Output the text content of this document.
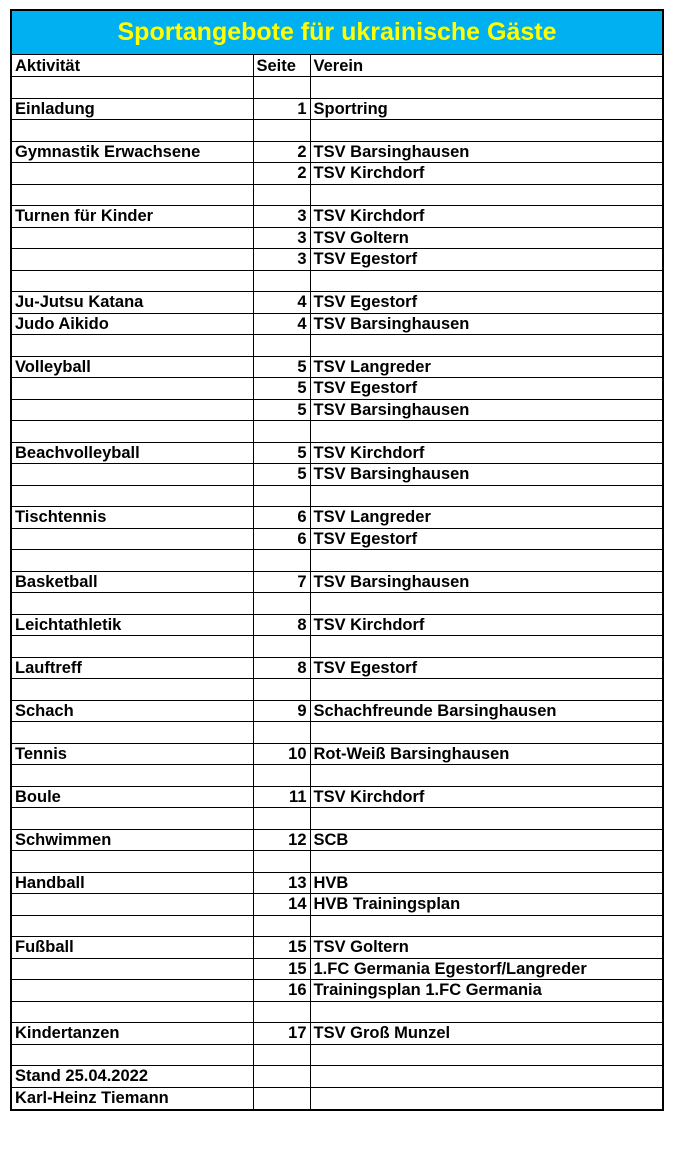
Sportangebote für ukrainische Gäste
Aktivität	Seite	Verein

Einladung	1	Sportring

Gymnastik Erwachsene	2	TSV Barsinghausen
	2	TSV Kirchdorf

Turnen für Kinder	3	TSV Kirchdorf
	3	TSV Goltern
	3	TSV Egestorf

Ju-Jutsu Katana	4	TSV Egestorf
Judo Aikido	4	TSV Barsinghausen

Volleyball	5	TSV Langreder
	5	TSV Egestorf
	5	TSV Barsinghausen

Beachvolleyball	5	TSV Kirchdorf
	5	TSV Barsinghausen

Tischtennis	6	TSV Langreder
	6	TSV Egestorf

Basketball	7	TSV Barsinghausen

Leichtathletik	8	TSV Kirchdorf

Lauftreff	8	TSV Egestorf

Schach	9	Schachfreunde Barsinghausen

Tennis	10	Rot-Weiß Barsinghausen

Boule	11	TSV Kirchdorf

Schwimmen	12	SCB

Handball	13	HVB
	14	HVB Trainingsplan

Fußball	15	TSV Goltern
	15	1.FC Germania Egestorf/Langreder
	16	Trainingsplan 1.FC Germania

Kindertanzen	17	TSV Groß Munzel

Stand 25.04.2022		
Karl-Heinz Tiemann		
